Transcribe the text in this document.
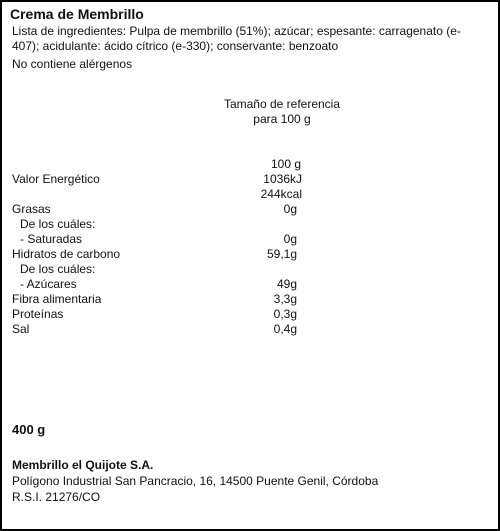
Crema de Membrillo
Lista de ingredientes: Pulpa de membrillo (51%); azúcar; espesante: carragenato (e-407); acidulante: ácido cítrico (e-330); conservante: benzoato
No contiene alérgenos
Tamaño de referencia
para 100 g
100 g
Valor Energético	1036kJ
244kcal
Grasas	0g
De los cuáles:
- Saturadas	0g
Hidratos de carbono	59,1g
De los cuáles:
- Azúcares	49g
Fibra alimentaria	3,3g
Proteínas	0,3g
Sal	0,4g
400 g
Membrillo el Quijote S.A.
Polígono Industrial San Pancracio, 16, 14500 Puente Genil, Córdoba
R.S.I. 21276/CO
